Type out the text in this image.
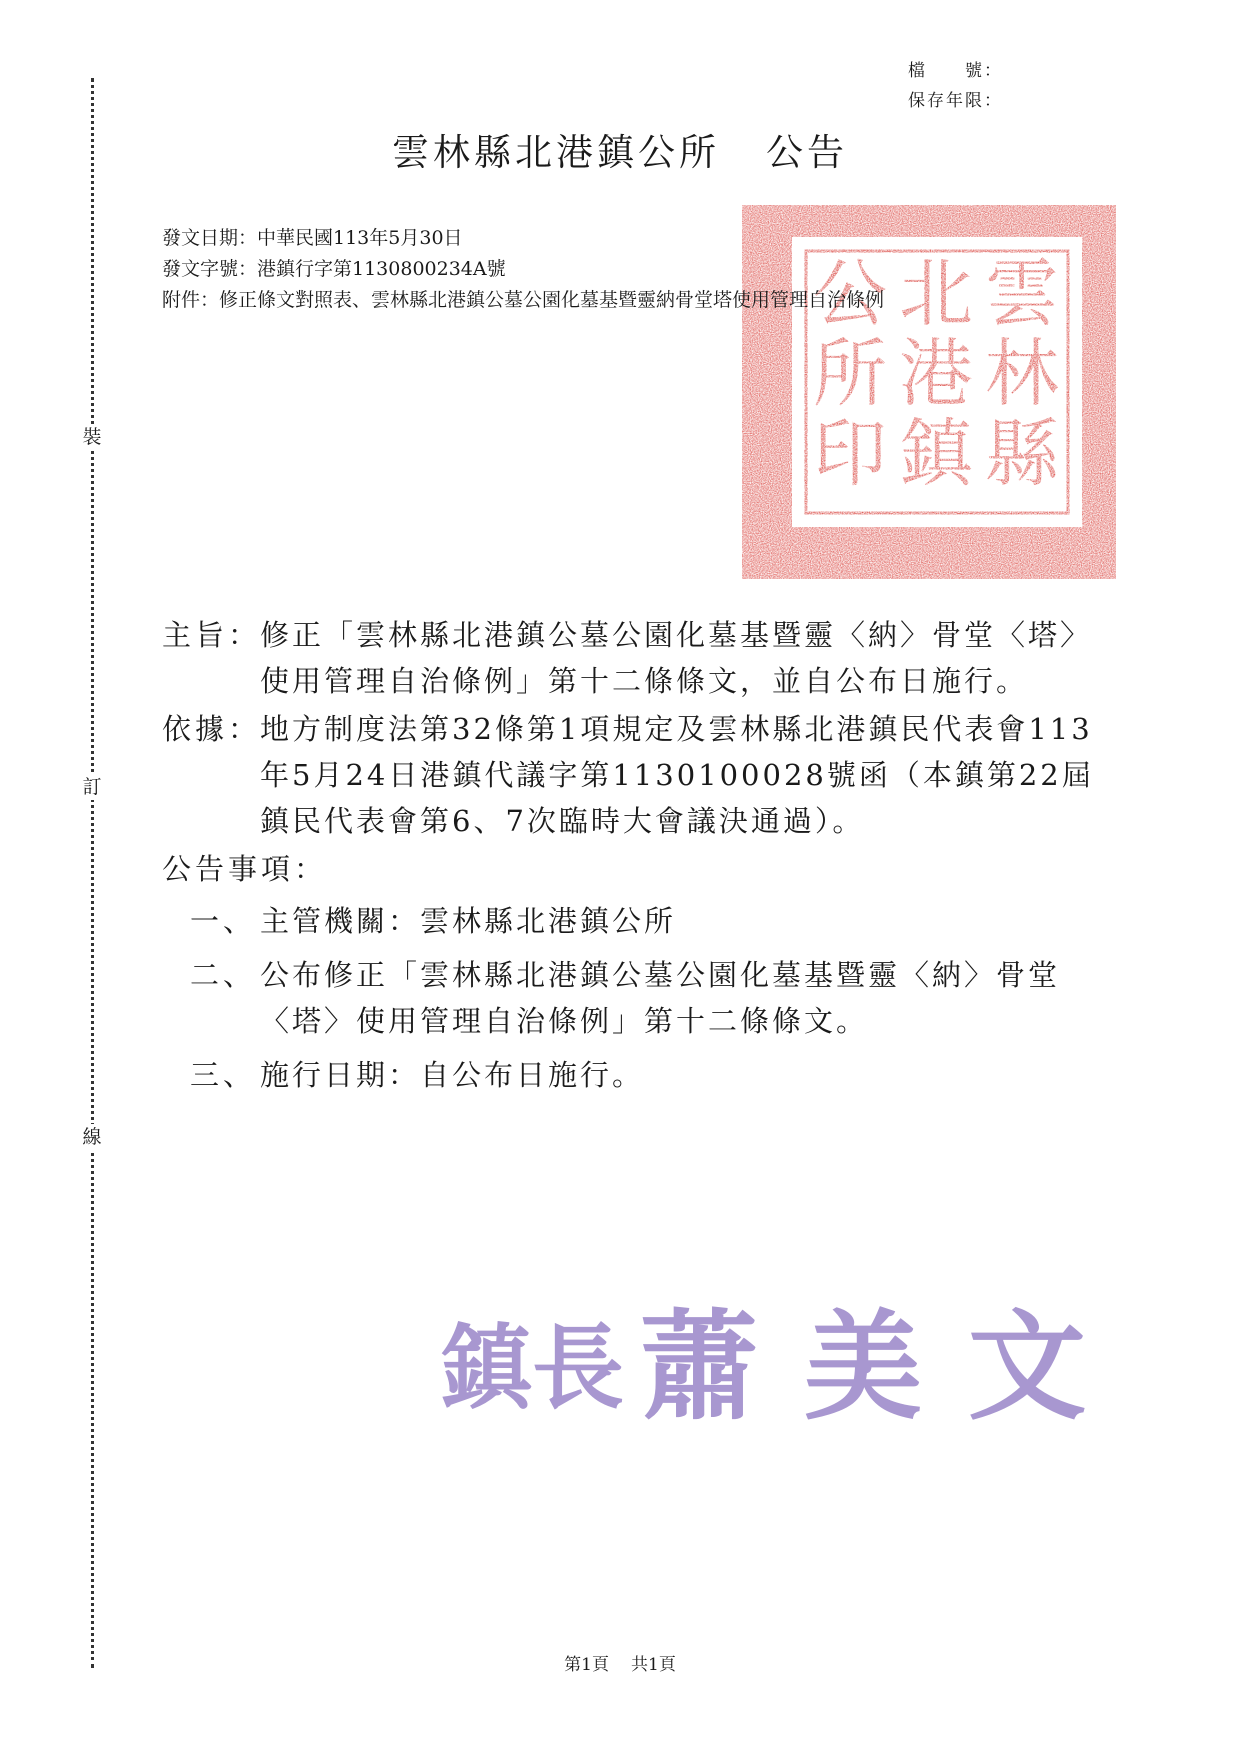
裝
訂
線
檔　　號：
保存年限：
雲林縣北港鎮公所 公告
雲
林
縣
北
港
鎮
公
所
印
發文日期：中華民國113年5月30日
發文字號：港鎮行字第1130800234A號
附件：修正條文對照表、雲林縣北港鎮公墓公園化墓基暨靈納骨堂塔使用管理自治條例
主旨：
修正「雲林縣北港鎮公墓公園化墓基暨靈〈納〉骨堂〈塔〉使用管理自治條例」第十二條條文，並自公布日施行。
依據：
地方制度法第32條第1項規定及雲林縣北港鎮民代表會113年5月24日港鎮代議字第1130100028號函（本鎮第22屆鎮民代表會第6、7次臨時大會議決通過）。
公告事項：
一、 主管機關：雲林縣北港鎮公所
二、 公布修正「雲林縣北港鎮公墓公園化墓基暨靈〈納〉骨堂〈塔〉使用管理自治條例」第十二條條文。
三、 施行日期：自公布日施行。
鎮長 蕭美文
第1頁 共1頁
